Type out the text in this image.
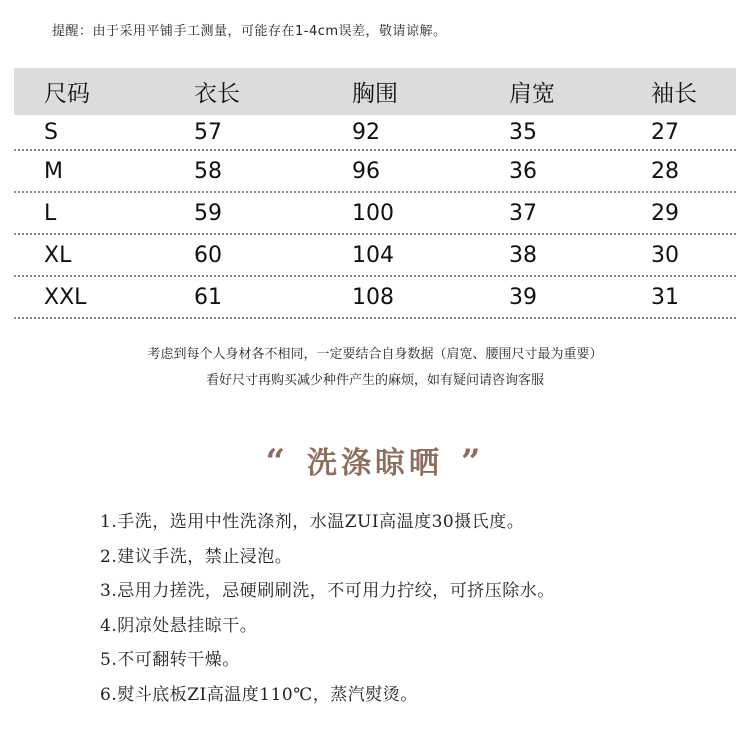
提醒：由于采用平铺手工测量，可能存在1-4cm误差，敬请谅解。
尺码	衣长	胸围	肩宽	袖长
S	57	92	35	27
M	58	96	36	28
L	59	100	37	29
XL	60	104	38	30
XXL	61	108	39	31
考虑到每个人身材各不相同，一定要结合自身数据（肩宽、腰围尺寸最为重要）
看好尺寸再购买减少种件产生的麻烦，如有疑问请咨询客服
“ 洗涤晾晒 ”
1.手洗，选用中性洗涤剂，水温ZUI高温度30摄氏度。
2.建议手洗，禁止浸泡。
3.忌用力搓洗，忌硬刷刷洗，不可用力拧绞，可挤压除水。
4.阴凉处悬挂晾干。
5.不可翻转干燥。
6.熨斗底板ZI高温度110℃，蒸汽熨烫。
